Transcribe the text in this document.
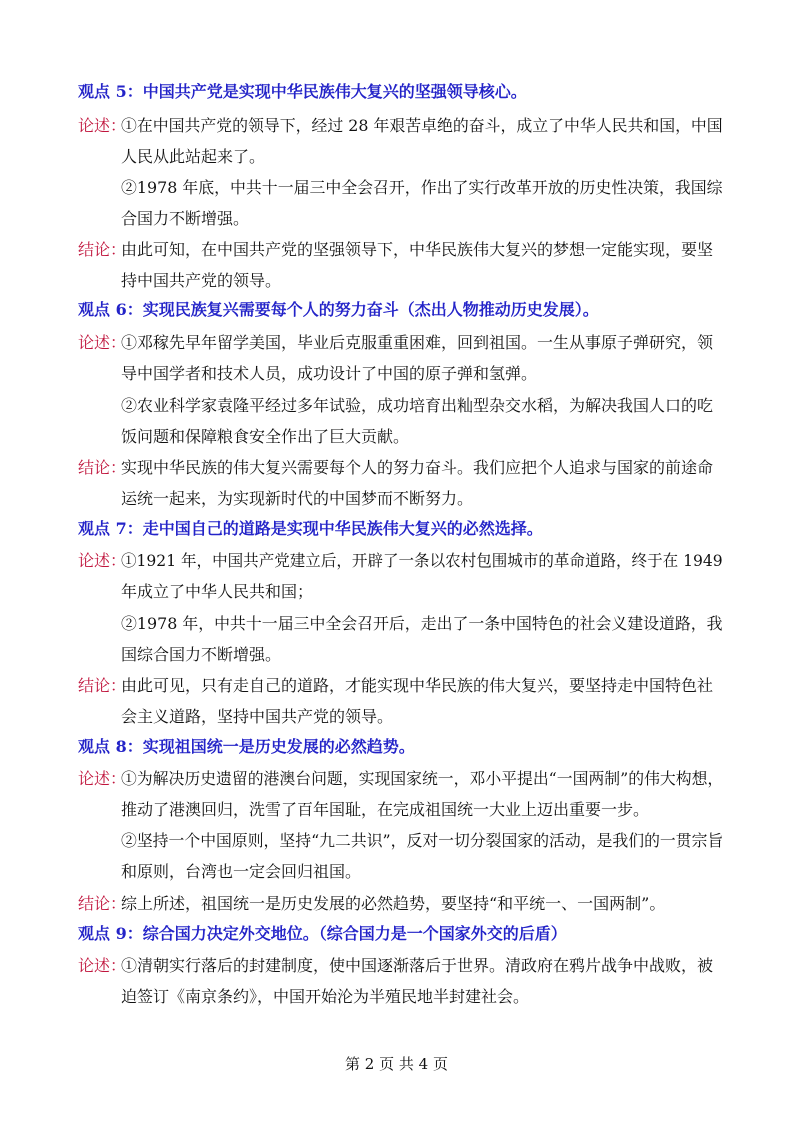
观点 5：中国共产党是实现中华民族伟大复兴的坚强领导核心。
论述：
①在中国共产党的领导下，经过 28 年艰苦卓绝的奋斗，成立了中华人民共和国，中国
人民从此站起来了。
②1978 年底，中共十一届三中全会召开，作出了实行改革开放的历史性决策，我国综
合国力不断增强。
结论：
由此可知，在中国共产党的坚强领导下，中华民族伟大复兴的梦想一定能实现，要坚
持中国共产党的领导。
观点 6：实现民族复兴需要每个人的努力奋斗（杰出人物推动历史发展）。
论述：
①邓稼先早年留学美国，毕业后克服重重困难，回到祖国。一生从事原子弹研究，领
导中国学者和技术人员，成功设计了中国的原子弹和氢弹。
②农业科学家袁隆平经过多年试验，成功培育出籼型杂交水稻，为解决我国人口的吃
饭问题和保障粮食安全作出了巨大贡献。
结论：
实现中华民族的伟大复兴需要每个人的努力奋斗。我们应把个人追求与国家的前途命
运统一起来，为实现新时代的中国梦而不断努力。
观点 7：走中国自己的道路是实现中华民族伟大复兴的必然选择。
论述：
①1921 年，中国共产党建立后，开辟了一条以农村包围城市的革命道路，终于在 1949
年成立了中华人民共和国；
②1978 年，中共十一届三中全会召开后，走出了一条中国特色的社会义建设道路，我
国综合国力不断增强。
结论：
由此可见，只有走自己的道路，才能实现中华民族的伟大复兴，要坚持走中国特色社
会主义道路，坚持中国共产党的领导。
观点 8：实现祖国统一是历史发展的必然趋势。
论述：
①为解决历史遗留的港澳台问题，实现国家统一，邓小平提出“一国两制”的伟大构想，
推动了港澳回归，洗雪了百年国耻，在完成祖国统一大业上迈出重要一步。
②坚持一个中国原则，坚持“九二共识”，反对一切分裂国家的活动，是我们的一贯宗旨
和原则，台湾也一定会回归祖国。
结论：
综上所述，祖国统一是历史发展的必然趋势，要坚持“和平统一、一国两制”。
观点 9：综合国力决定外交地位。（综合国力是一个国家外交的后盾）
论述：
①清朝实行落后的封建制度，使中国逐渐落后于世界。清政府在鸦片战争中战败，被
迫签订《南京条约》，中国开始沦为半殖民地半封建社会。
第 2 页 共 4 页
